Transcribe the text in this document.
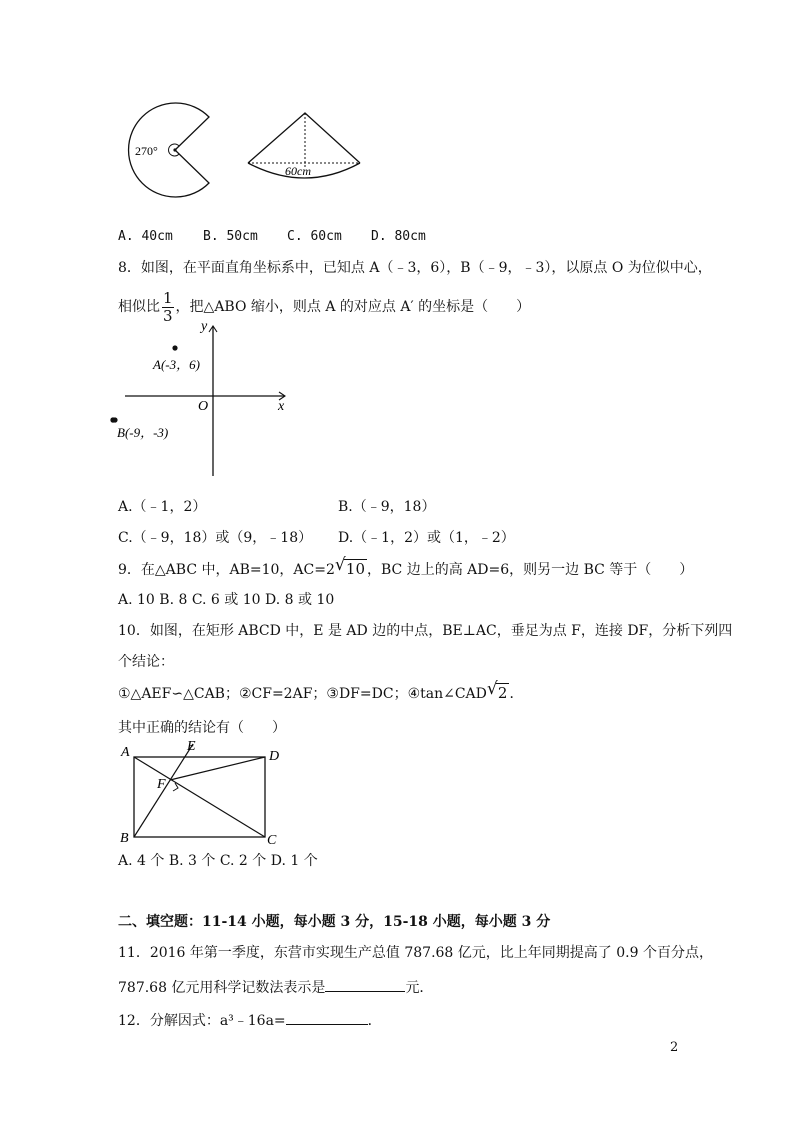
270°
60cm
A. 40cm B. 50cm C. 60cm D. 80cm
8．如图，在平面直角坐标系中，已知点 A（﹣3，6），B（﹣9，﹣3），以原点 O 为位似中心，
相似比 $\frac{1}{3}$ ，把△ABO 缩小，则点 A 的对应点 A′ 的坐标是（　　）
y
x
O
A(-3，6)
B(-9，-3)
A.（﹣1，2）	B.（﹣9，18）
C.（﹣9，18）或（9，﹣18） D.（﹣1，2）或（1，﹣2）
9．在△ABC 中，AB=10，AC=2 √ 10 ，BC 边上的高 AD=6，则另一边 BC 等于（　　）
A. 10 B. 8 C. 6 或 10 D. 8 或 10
10．如图，在矩形 ABCD 中，E 是 AD 边的中点，BE⊥AC，垂足为点 F，连接 DF，分析下列四
个结论：
①△AEF∽△CAB；②CF=2AF；③DF=DC；④tan∠CAD √ 2 ．
其中正确的结论有（　　）
A	E
D
F
B	C
A. 4 个 B. 3 个 C. 2 个 D. 1 个
二、填空题：11-14 小题，每小题 3 分，15-18 小题，每小题 3 分
11．2016 年第一季度，东营市实现生产总值 787.68 亿元，比上年同期提高了 0.9 个百分点，
787.68 亿元用科学记数法表示是	元．
12．分解因式：a³﹣16a=	．
2
